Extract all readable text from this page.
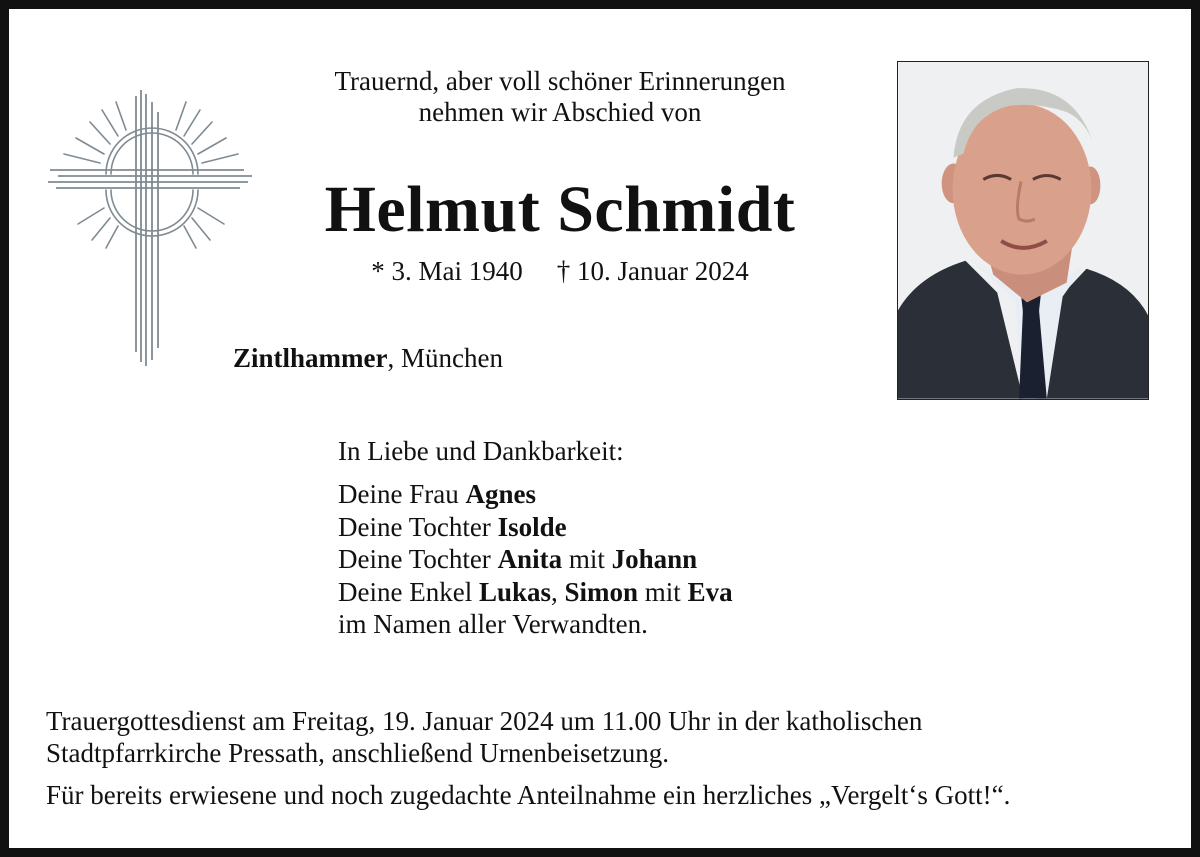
Trauernd, aber voll schöner Erinnerungen
nehmen wir Abschied von

Helmut Schmidt

* 3. Mai 1940 † 10. Januar 2024

Zintlhammer, München

In Liebe und Dankbarkeit:

Deine Frau Agnes
Deine Tochter Isolde
Deine Tochter Anita mit Johann
Deine Enkel Lukas, Simon mit Eva
im Namen aller Verwandten.

Trauergottesdienst am Freitag, 19. Januar 2024 um 11.00 Uhr in der katholischen
Stadtpfarrkirche Pressath, anschließend Urnenbeisetzung.

Für bereits erwiesene und noch zugedachte Anteilnahme ein herzliches „Vergelt‘s Gott!“.
